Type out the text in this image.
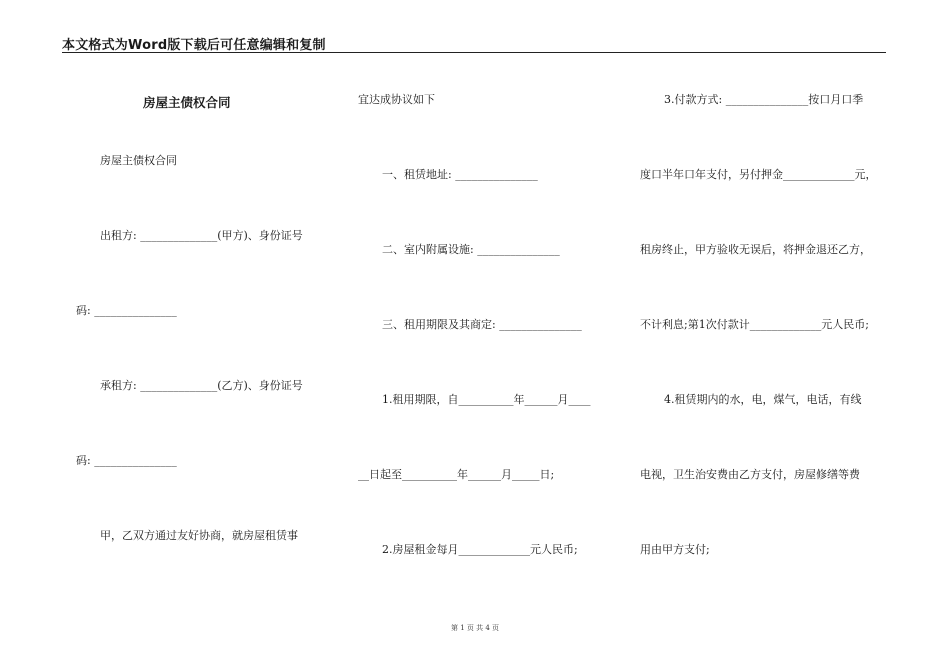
本文格式为Word版下载后可任意编辑和复制
房屋主债权合同
房屋主债权合同
出租方: ______________(甲方)、身份证号
码: _______________
承租方: ______________(乙方)、身份证号
码: _______________
甲，乙双方通过友好协商，就房屋租赁事
宜达成协议如下
一、租赁地址: _______________
二、室内附属设施: _______________
三、租用期限及其商定: _______________
1.租用期限，自__________年______月____
__日起至__________年______月_____日;
2.房屋租金每月_____________元人民币;
3.付款方式: _______________按口月口季
度口半年口年支付，另付押金_____________元，
租房终止，甲方验收无误后，将押金退还乙方，
不计利息;第1次付款计_____________元人民币;
4.租赁期内的水，电，煤气，电话，有线
电视，卫生治安费由乙方支付，房屋修缮等费
用由甲方支付;
第 1 页 共 4 页
